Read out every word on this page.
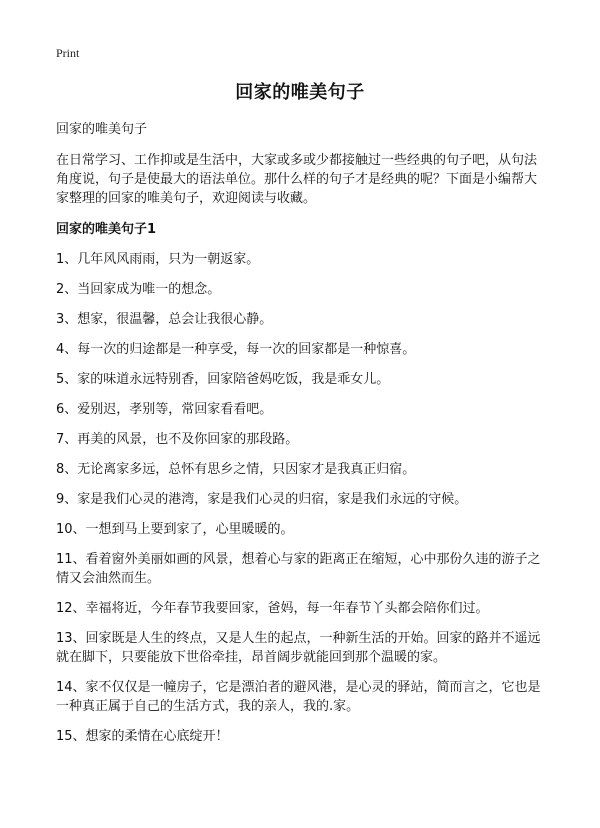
Print
回家的唯美句子

回家的唯美句子

在日常学习、工作抑或是生活中，大家或多或少都接触过一些经典的句子吧，从句法角度说，句子是使最大的语法单位。那什么样的句子才是经典的呢？下面是小编帮大家整理的回家的唯美句子，欢迎阅读与收藏。

回家的唯美句子1

1、几年风风雨雨，只为一朝返家。
2、当回家成为唯一的想念。
3、想家，很温馨，总会让我很心静。
4、每一次的归途都是一种享受，每一次的回家都是一种惊喜。
5、家的味道永远特别香，回家陪爸妈吃饭，我是乖女儿。
6、爱别迟，孝别等，常回家看看吧。
7、再美的风景，也不及你回家的那段路。
8、无论离家多远，总怀有思乡之情，只因家才是我真正归宿。
9、家是我们心灵的港湾，家是我们心灵的归宿，家是我们永远的守候。
10、一想到马上要到家了，心里暖暖的。
11、看着窗外美丽如画的风景，想着心与家的距离正在缩短，心中那份久违的游子之情又会油然而生。
12、幸福将近，今年春节我要回家，爸妈，每一年春节丫头都会陪你们过。
13、回家既是人生的终点，又是人生的起点，一种新生活的开始。回家的路并不遥远就在脚下，只要能放下世俗牵挂，昂首阔步就能回到那个温暖的家。
14、家不仅仅是一幢房子，它是漂泊者的避风港，是心灵的驿站，简而言之，它也是一种真正属于自己的生活方式，我的亲人，我的.家。
15、想家的柔情在心底绽开！
